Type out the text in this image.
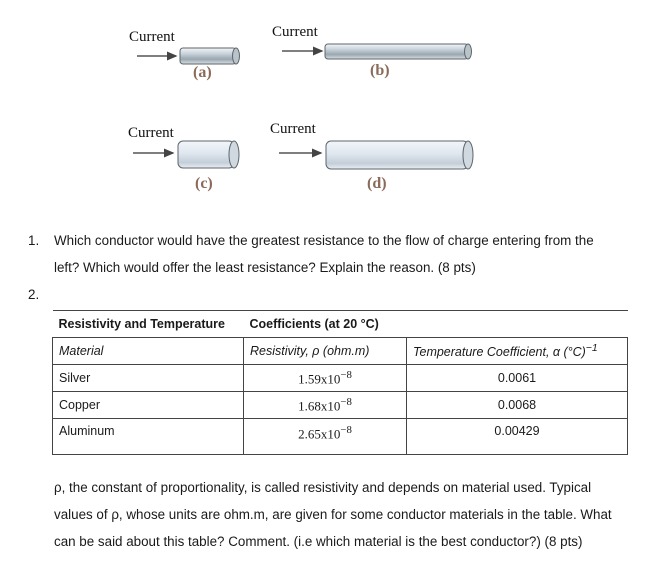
Current	Current
Current	Current
(a)	(b)
(c)	(d)
1. Which conductor would have the greatest resistance to the flow of charge entering from the
left? Which would offer the least resistance? Explain the reason. (8 pts)
2.
Resistivity and Temperature	Coefficients (at 20 °C)	
Material	Resistivity, ρ (ohm.m)	Temperature Coefficient, α $(^\circ C)^{-1}$
Silver	$1.59x10^{-8}$	0.0061
Copper	$1.68x10^{-8}$	0.0068
Aluminum	$2.65x10^{-8}$	0.00429
ρ, the constant of proportionality, is called resistivity and depends on material used. Typical
values of ρ, whose units are ohm.m, are given for some conductor materials in the table. What
can be said about this table? Comment. (i.e which material is the best conductor?) (8 pts)
